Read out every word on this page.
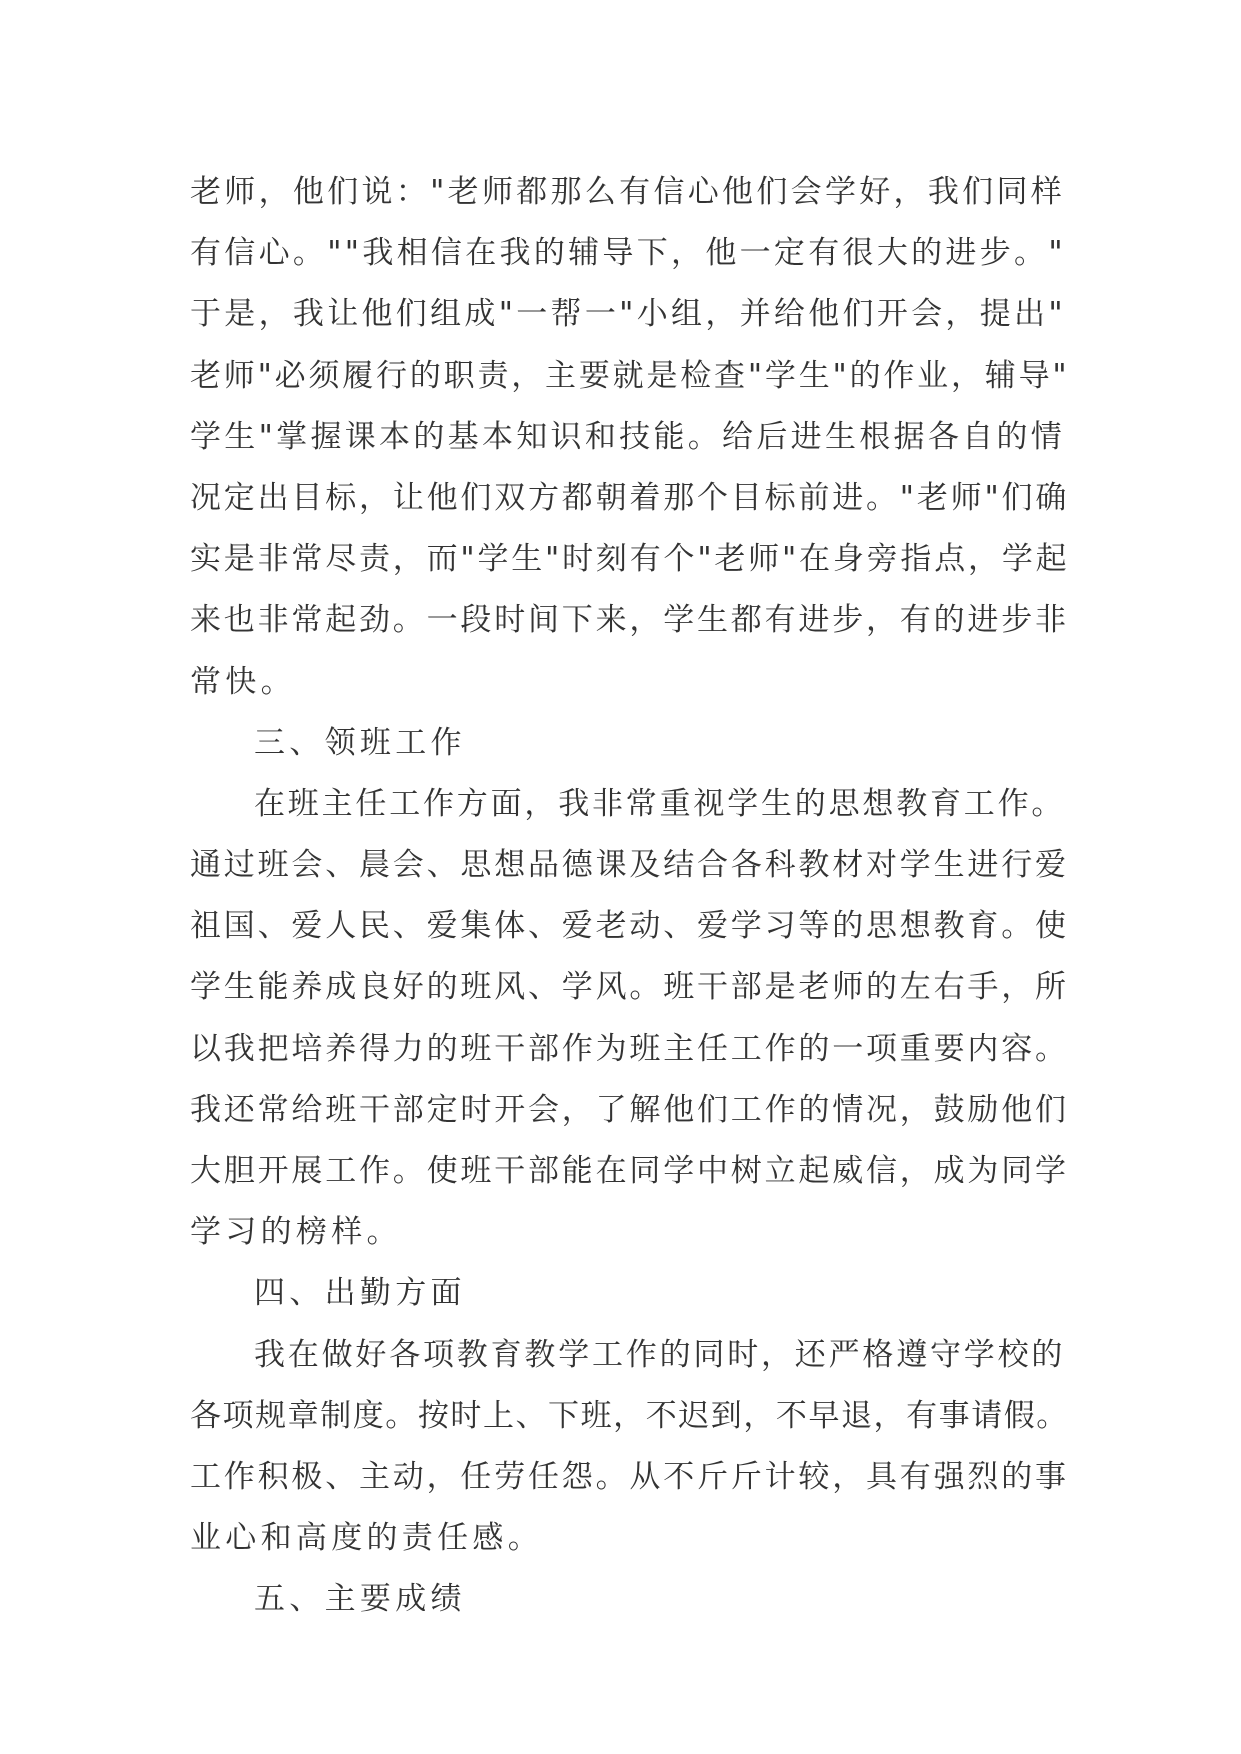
老师，他们说："老师都那么有信心他们会学好，我们同样
有信心。""我相信在我的辅导下，他一定有很大的进步。"
于是，我让他们组成"一帮一"小组，并给他们开会，提出"
老师"必须履行的职责，主要就是检查"学生"的作业，辅导"
学生"掌握课本的基本知识和技能。给后进生根据各自的情
况定出目标，让他们双方都朝着那个目标前进。"老师"们确
实是非常尽责，而"学生"时刻有个"老师"在身旁指点，学起
来也非常起劲。一段时间下来，学生都有进步，有的进步非
常快。
三、领班工作
在班主任工作方面，我非常重视学生的思想教育工作。
通过班会、晨会、思想品德课及结合各科教材对学生进行爱
祖国、爱人民、爱集体、爱老动、爱学习等的思想教育。使
学生能养成良好的班风、学风。班干部是老师的左右手，所
以我把培养得力的班干部作为班主任工作的一项重要内容。
我还常给班干部定时开会，了解他们工作的情况，鼓励他们
大胆开展工作。使班干部能在同学中树立起威信，成为同学
学习的榜样。
四、出勤方面
我在做好各项教育教学工作的同时，还严格遵守学校的
各项规章制度。按时上、下班，不迟到，不早退，有事请假。
工作积极、主动，任劳任怨。从不斤斤计较，具有强烈的事
业心和高度的责任感。
五、主要成绩
